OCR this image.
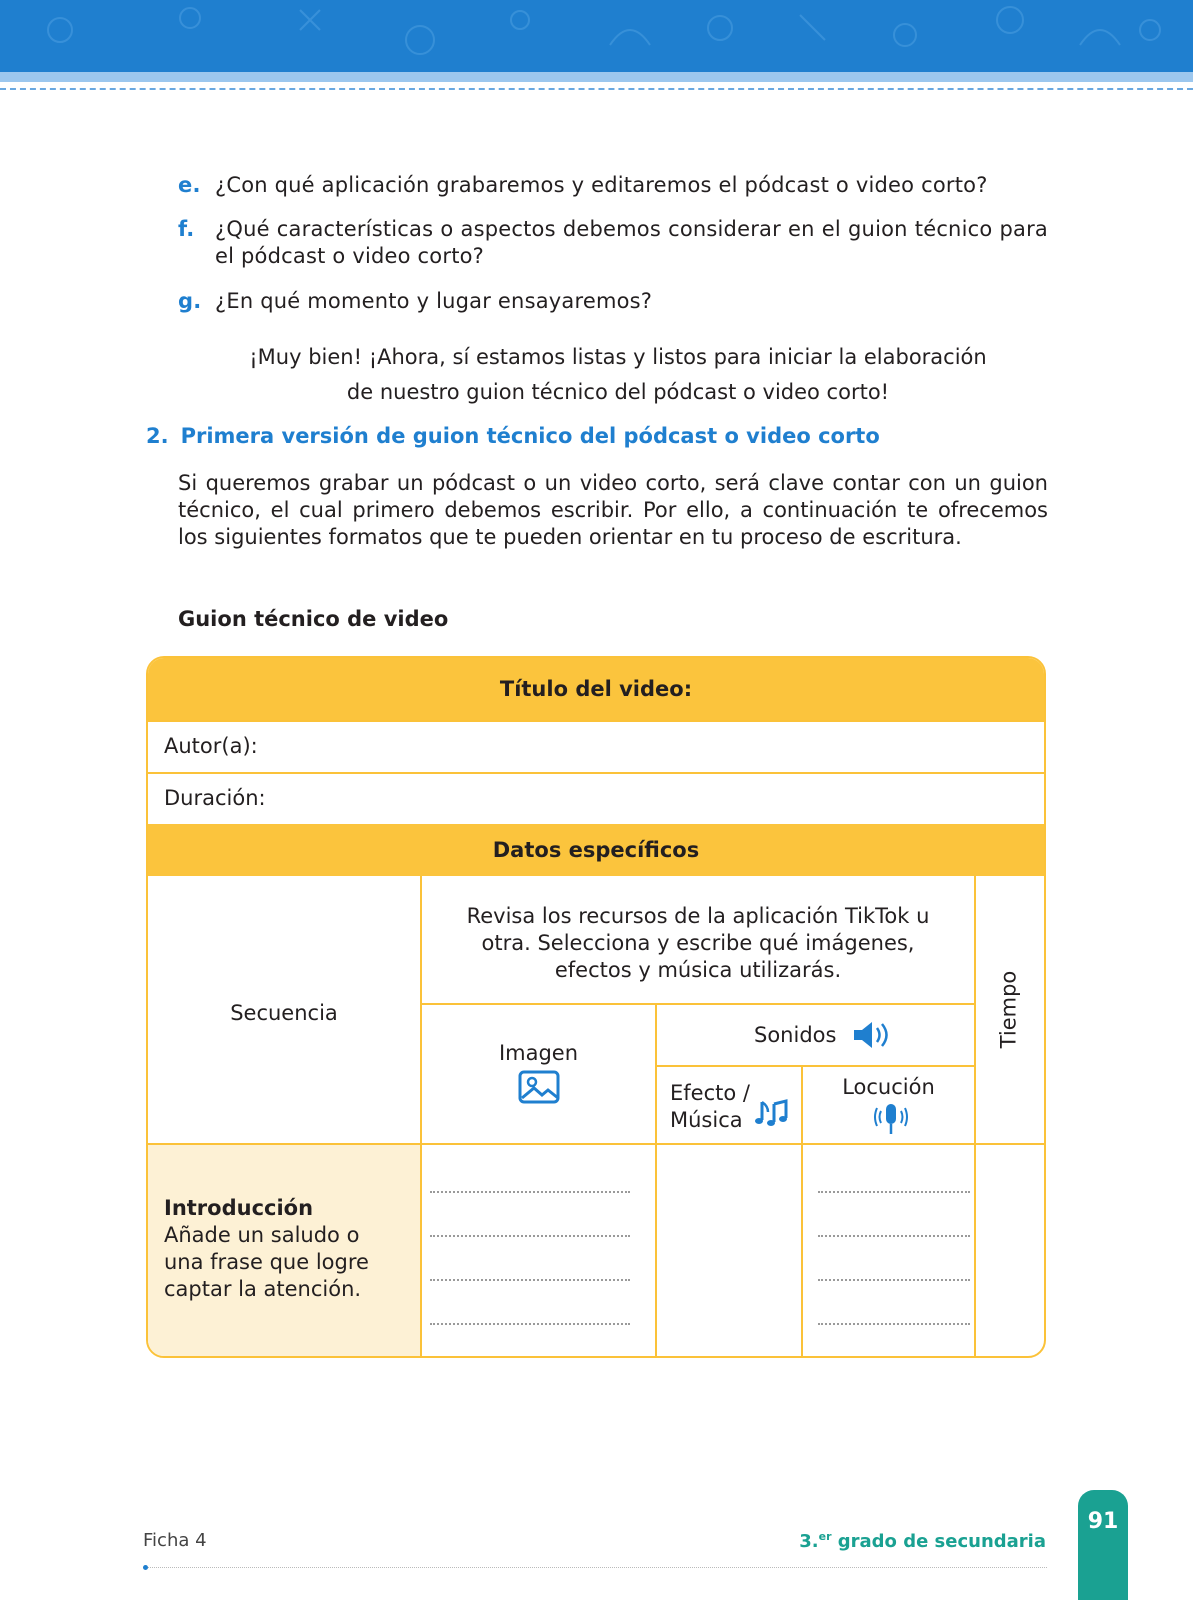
e. ¿Con qué aplicación grabaremos y editaremos el pódcast o video corto?
f. ¿Qué características o aspectos debemos considerar en el guion técnico para el pódcast o video corto?
g. ¿En qué momento y lugar ensayaremos?
¡Muy bien! ¡Ahora, sí estamos listas y listos para iniciar la elaboración
de nuestro guion técnico del pódcast o video corto!
2. Primera versión de guion técnico del pódcast o video corto
Si queremos grabar un pódcast o un video corto, será clave contar con un guion técnico, el cual primero debemos escribir. Por ello, a continuación te ofrecemos los siguientes formatos que te pueden orientar en tu proceso de escritura.
Guion técnico de video
Título del video:
Autor(a):
Duración:
Datos específicos
Secuencia
Revisa los recursos de la aplicación TikTok u otra. Selecciona y escribe qué imágenes, efectos y música utilizarás.
Imagen
Sonidos
Efecto /
Música
Locución
Tiempo
Introducción
Añade un saludo o una frase que logre captar la atención.
Ficha 4	3.$^{er}$ grado de secundaria
91
